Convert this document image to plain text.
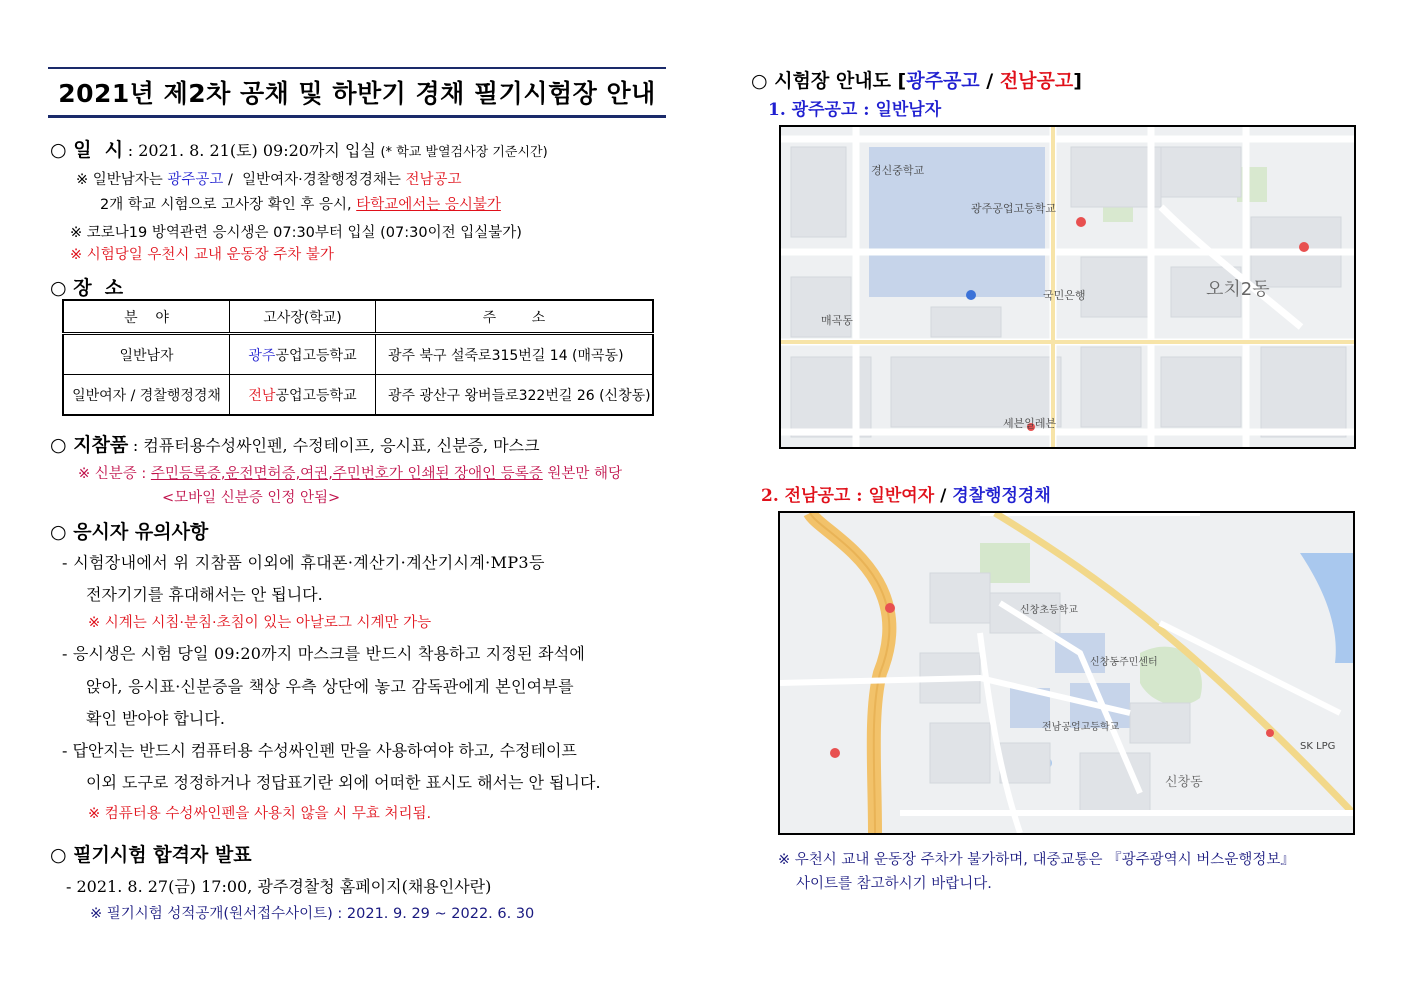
2021년 제2차 공채 및 하반기 경채 필기시험장 안내
○ 일  시 : 2021. 8. 21(토) 09:20까지 입실 (* 학교 발열검사장 기준시간)
※ 일반남자는 광주공고 /  일반여자·경찰행정경채는 전남공고
2개 학교 시험으로 고사장 확인 후 응시, 타학교에서는 응시불가
※ 코로나19 방역관련 응시생은 07:30부터 입실 (07:30이전 입실불가)
※ 시험당일 우천시 교내 운동장 주차 불가
○ 장  소
분    야	고사장(학교)	주        소
일반남자	광주공업고등학교	광주 북구 설죽로315번길 14 (매곡동)
일반여자 / 경찰행정경채	전남공업고등학교	광주 광산구 왕버들로322번길 26 (신창동)
○ 지참품 : 컴퓨터용수성싸인펜, 수정테이프, 응시표, 신분증, 마스크
※ 신분증 : 주민등록증,운전면허증,여권,주민번호가 인쇄된 장애인 등록증 원본만 해당
<모바일 신분증 인정 안됨>
○ 응시자 유의사항
- 시험장내에서 위 지참품 이외에 휴대폰·계산기·계산기시계·MP3등
전자기기를 휴대해서는 안 됩니다.
※ 시계는 시침·분침·초침이 있는 아날로그 시계만 가능
- 응시생은 시험 당일 09:20까지 마스크를 반드시 착용하고 지정된 좌석에
앉아, 응시표·신분증을 책상 우측 상단에 놓고 감독관에게 본인여부를
확인 받아야 합니다.
- 답안지는 반드시 컴퓨터용 수성싸인펜 만을 사용하여야 하고, 수정테이프
이외 도구로 정정하거나 정답표기란 외에 어떠한 표시도 해서는 안 됩니다.
※ 컴퓨터용 수성싸인펜을 사용치 않을 시 무효 처리됨.
○ 필기시험 합격자 발표
- 2021. 8. 27(금) 17:00, 광주경찰청 홈페이지(채용인사란)
※ 필기시험 성적공개(원서접수사이트) : 2021. 9. 29 ~ 2022. 6. 30
○ 시험장 안내도 [광주공고 / 전남공고]
1. 광주공고 : 일반남자
광주공업고등학교
오치2동
매곡동
국민은행
세븐일레븐
경신중학교
2. 전남공고 : 일반여자 / 경찰행정경채
신창동
신창초등학교
전남공업고등학교
신창동주민센터
SK LPG
※ 우천시 교내 운동장 주차가 불가하며, 대중교통은 『광주광역시 버스운행정보』
사이트를 참고하시기 바랍니다.
